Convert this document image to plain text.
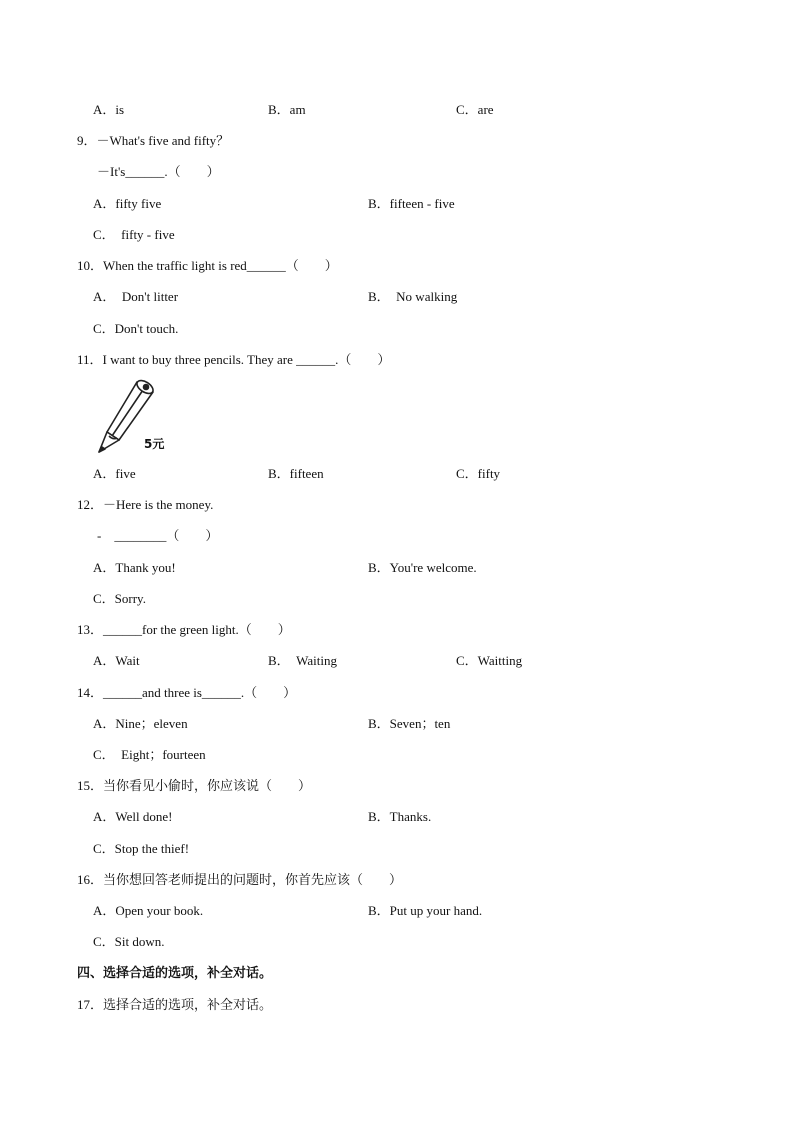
A．is	B．am	C．are
9．－What's five and fifty？
－It's______.（　　）
A．fifty five	B．fifteen - five
C．　fifty - five
10．When the traffic light is red______（　　）
A．　Don't litter	B．　No walking
C．Don't touch.
11．I want to buy three pencils. They are ______.（　　）
5元
A．five	B．fifteen	C．fifty
12．－Here is the money.
-　________（　　）
A．Thank you!	B．You're welcome.
C．Sorry.
13．______for the green light.（　　）
A．Wait	B．　Waiting	C．Waitting
14．______and three is______.（　　）
A．Nine；eleven	B．Seven；ten
C．　Eight；fourteen
15．当你看见小偷时，你应该说（　　）
A．Well done!	B．Thanks.
C．Stop the thief!
16．当你想回答老师提出的问题时，你首先应该（　　）
A．Open your book.	B．Put up your hand.
C．Sit down.
四、选择合适的选项，补全对话。
17．选择合适的选项，补全对话。
